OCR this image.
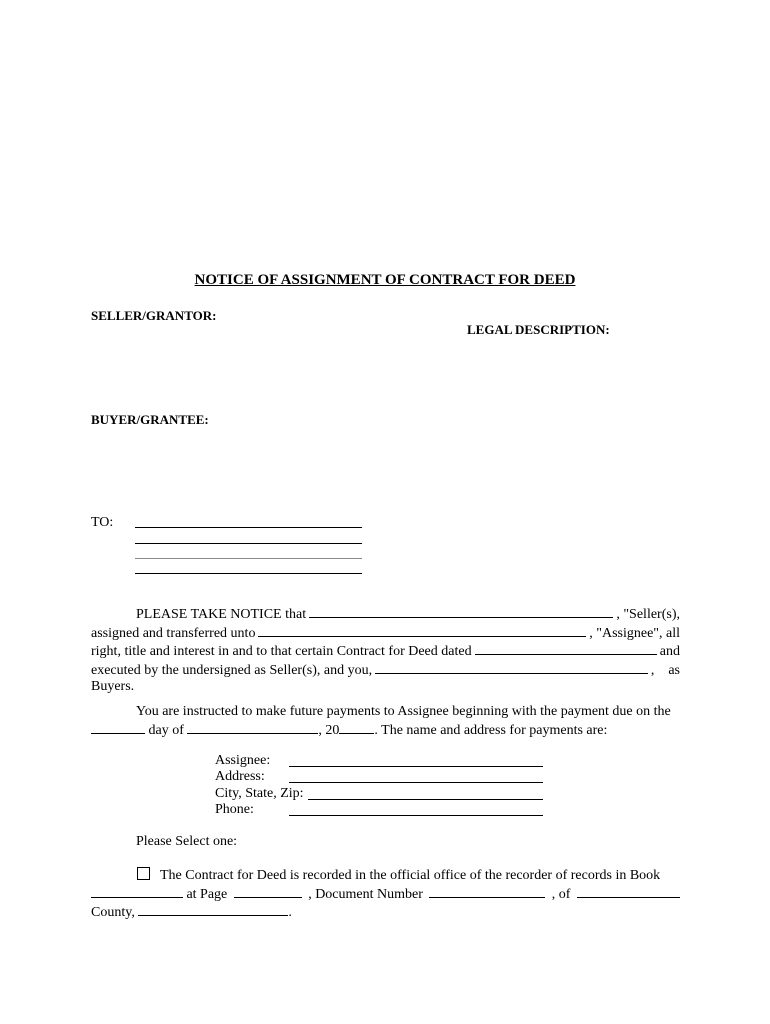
NOTICE OF ASSIGNMENT OF CONTRACT FOR DEED
SELLER/GRANTOR:
LEGAL DESCRIPTION:
BUYER/GRANTEE:
TO:
PLEASE TAKE NOTICE that	, "Seller(s),
assigned and transferred unto	, "Assignee", all
right, title and interest in and to that certain Contract for Deed dated	and
executed by the undersigned as Seller(s), and you,	, as
Buyers.
You are instructed to make future payments to Assignee beginning with the payment due on the
day of	, 20	. The name and address for payments are:
Assignee:
Address:
City, State, Zip:
Phone:
Please Select one:
The Contract for Deed is recorded in the official office of the recorder of records in Book
at Page	, Document Number	, of
County,	.
